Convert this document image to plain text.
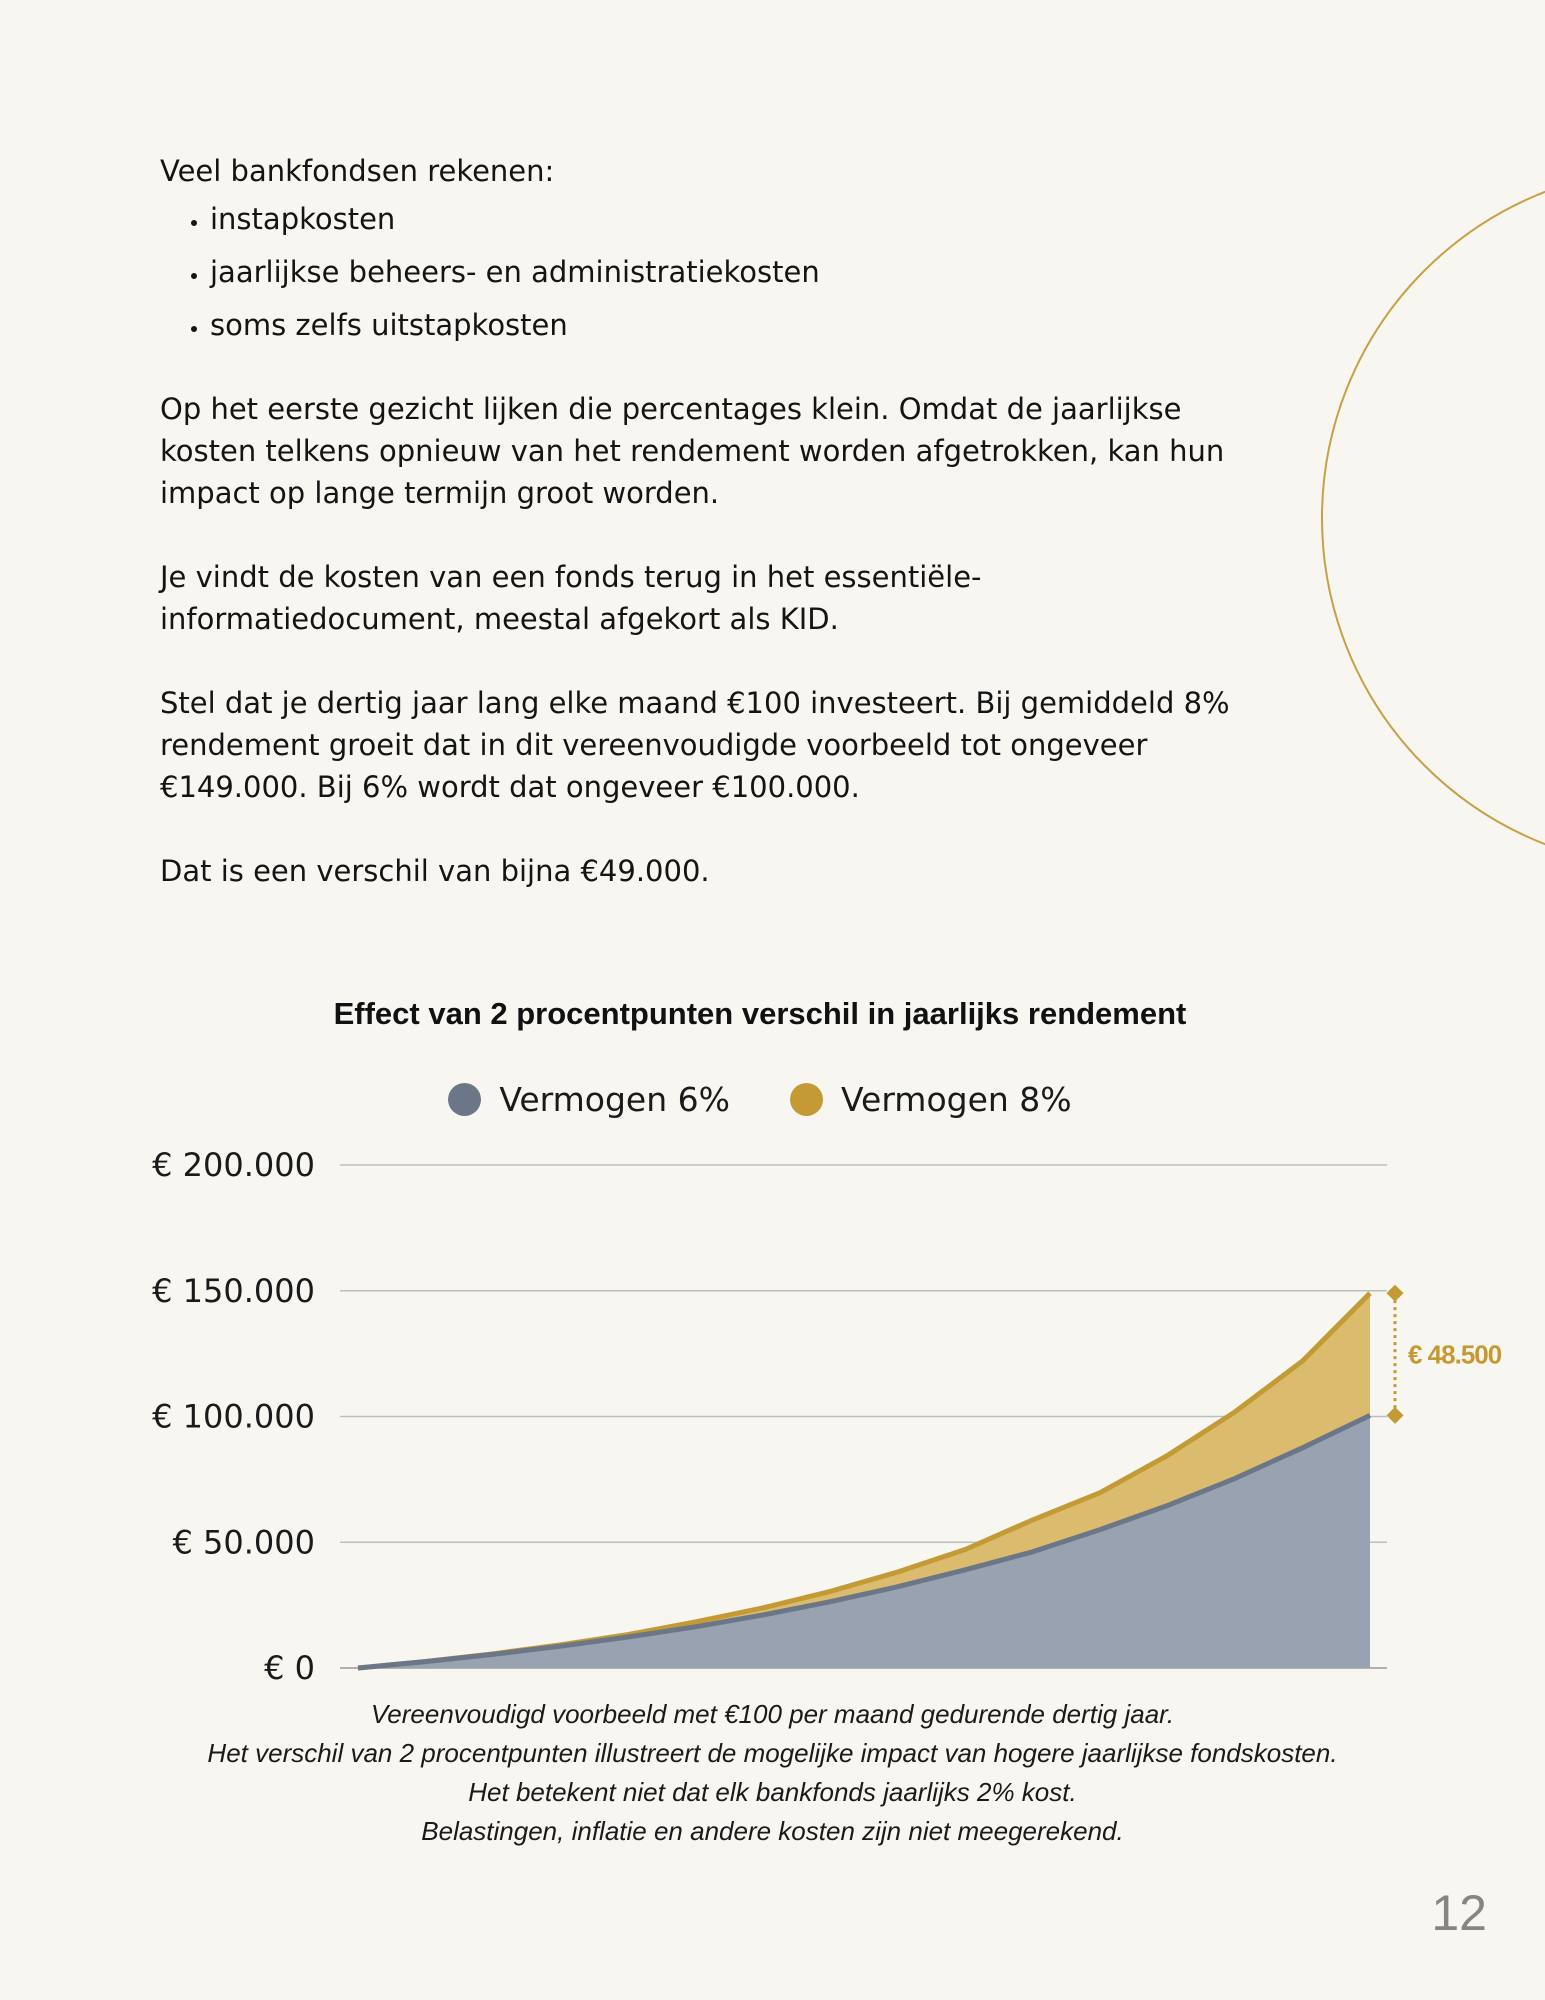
Veel bankfondsen rekenen:

• instapkosten
• jaarlijkse beheers- en administratiekosten
• soms zelfs uitstapkosten

Op het eerste gezicht lijken die percentages klein. Omdat de jaarlijkse kosten telkens opnieuw van het rendement worden afgetrokken, kan hun impact op lange termijn groot worden.

Je vindt de kosten van een fonds terug in het essentiële-informatiedocument, meestal afgekort als KID.

Stel dat je dertig jaar lang elke maand €100 investeert. Bij gemiddeld 8% rendement groeit dat in dit vereenvoudigde voorbeeld tot ongeveer €149.000. Bij 6% wordt dat ongeveer €100.000.

Dat is een verschil van bijna €49.000.

Effect van 2 procentpunten verschil in jaarlijks rendement
Vermogen 6%	Vermogen 8%
€ 0
€ 50.000
€ 100.000
€ 150.000
€ 200.000
€ 48.500
Vereenvoudigd voorbeeld met €100 per maand gedurende dertig jaar.
Het verschil van 2 procentpunten illustreert de mogelijke impact van hogere jaarlijkse fondskosten.
Het betekent niet dat elk bankfonds jaarlijks 2% kost.
Belastingen, inflatie en andere kosten zijn niet meegerekend.
12
